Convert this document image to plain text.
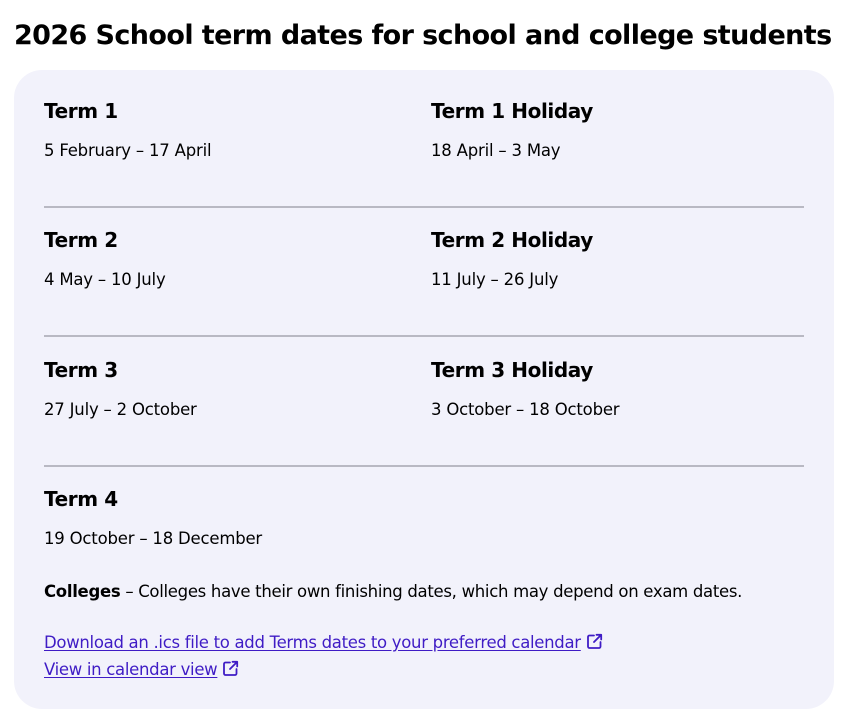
2026 School term dates for school and college students
Term 1
5 February – 17 April
Term 1 Holiday
18 April – 3 May
Term 2
4 May – 10 July
Term 2 Holiday
11 July – 26 July
Term 3
27 July – 2 October
Term 3 Holiday
3 October – 18 October
Term 4
19 October – 18 December
Colleges – Colleges have their own finishing dates, which may depend on exam dates.
Download an .ics file to add Terms dates to your preferred calendar
View in calendar view
